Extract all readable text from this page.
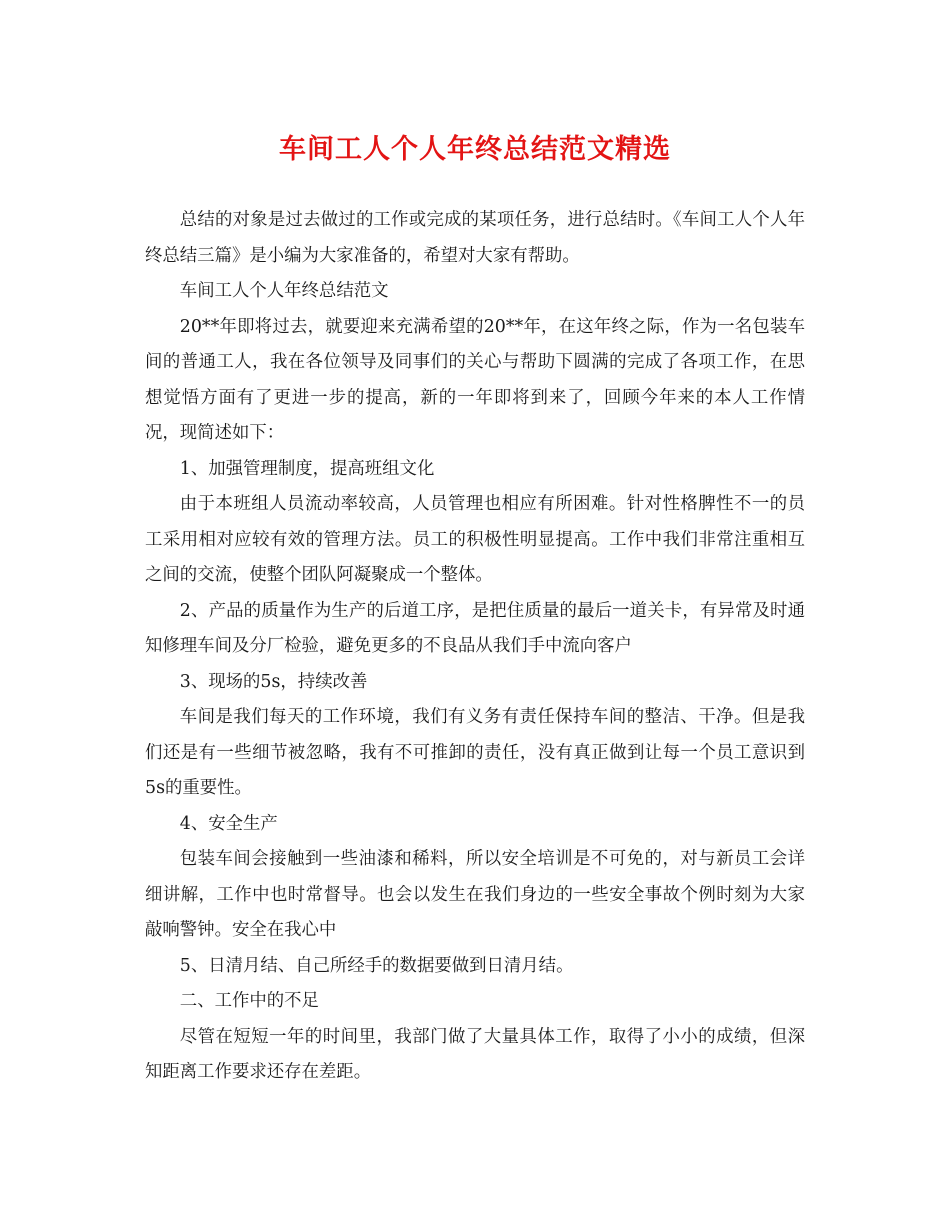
车间工人个人年终总结范文精选

总结的对象是过去做过的工作或完成的某项任务，进行总结时。《车间工人个人年终总结三篇》是小编为大家准备的，希望对大家有帮助。

车间工人个人年终总结范文

20**年即将过去，就要迎来充满希望的20**年，在这年终之际，作为一名包装车间的普通工人，我在各位领导及同事们的关心与帮助下圆满的完成了各项工作，在思想觉悟方面有了更进一步的提高，新的一年即将到来了，回顾今年来的本人工作情况，现简述如下：

1、加强管理制度，提高班组文化

由于本班组人员流动率较高，人员管理也相应有所困难。针对性格脾性不一的员工采用相对应较有效的管理方法。员工的积极性明显提高。工作中我们非常注重相互之间的交流，使整个团队阿凝聚成一个整体。

2、产品的质量作为生产的后道工序，是把住质量的最后一道关卡，有异常及时通知修理车间及分厂检验，避免更多的不良品从我们手中流向客户

3、现场的5s，持续改善

车间是我们每天的工作环境，我们有义务有责任保持车间的整洁、干净。但是我们还是有一些细节被忽略，我有不可推卸的责任，没有真正做到让每一个员工意识到5s的重要性。

4、安全生产

包装车间会接触到一些油漆和稀料，所以安全培训是不可免的，对与新员工会详细讲解，工作中也时常督导。也会以发生在我们身边的一些安全事故个例时刻为大家敲响警钟。安全在我心中

5、日清月结、自己所经手的数据要做到日清月结。

二、工作中的不足

尽管在短短一年的时间里，我部门做了大量具体工作，取得了小小的成绩，但深知距离工作要求还存在差距。
